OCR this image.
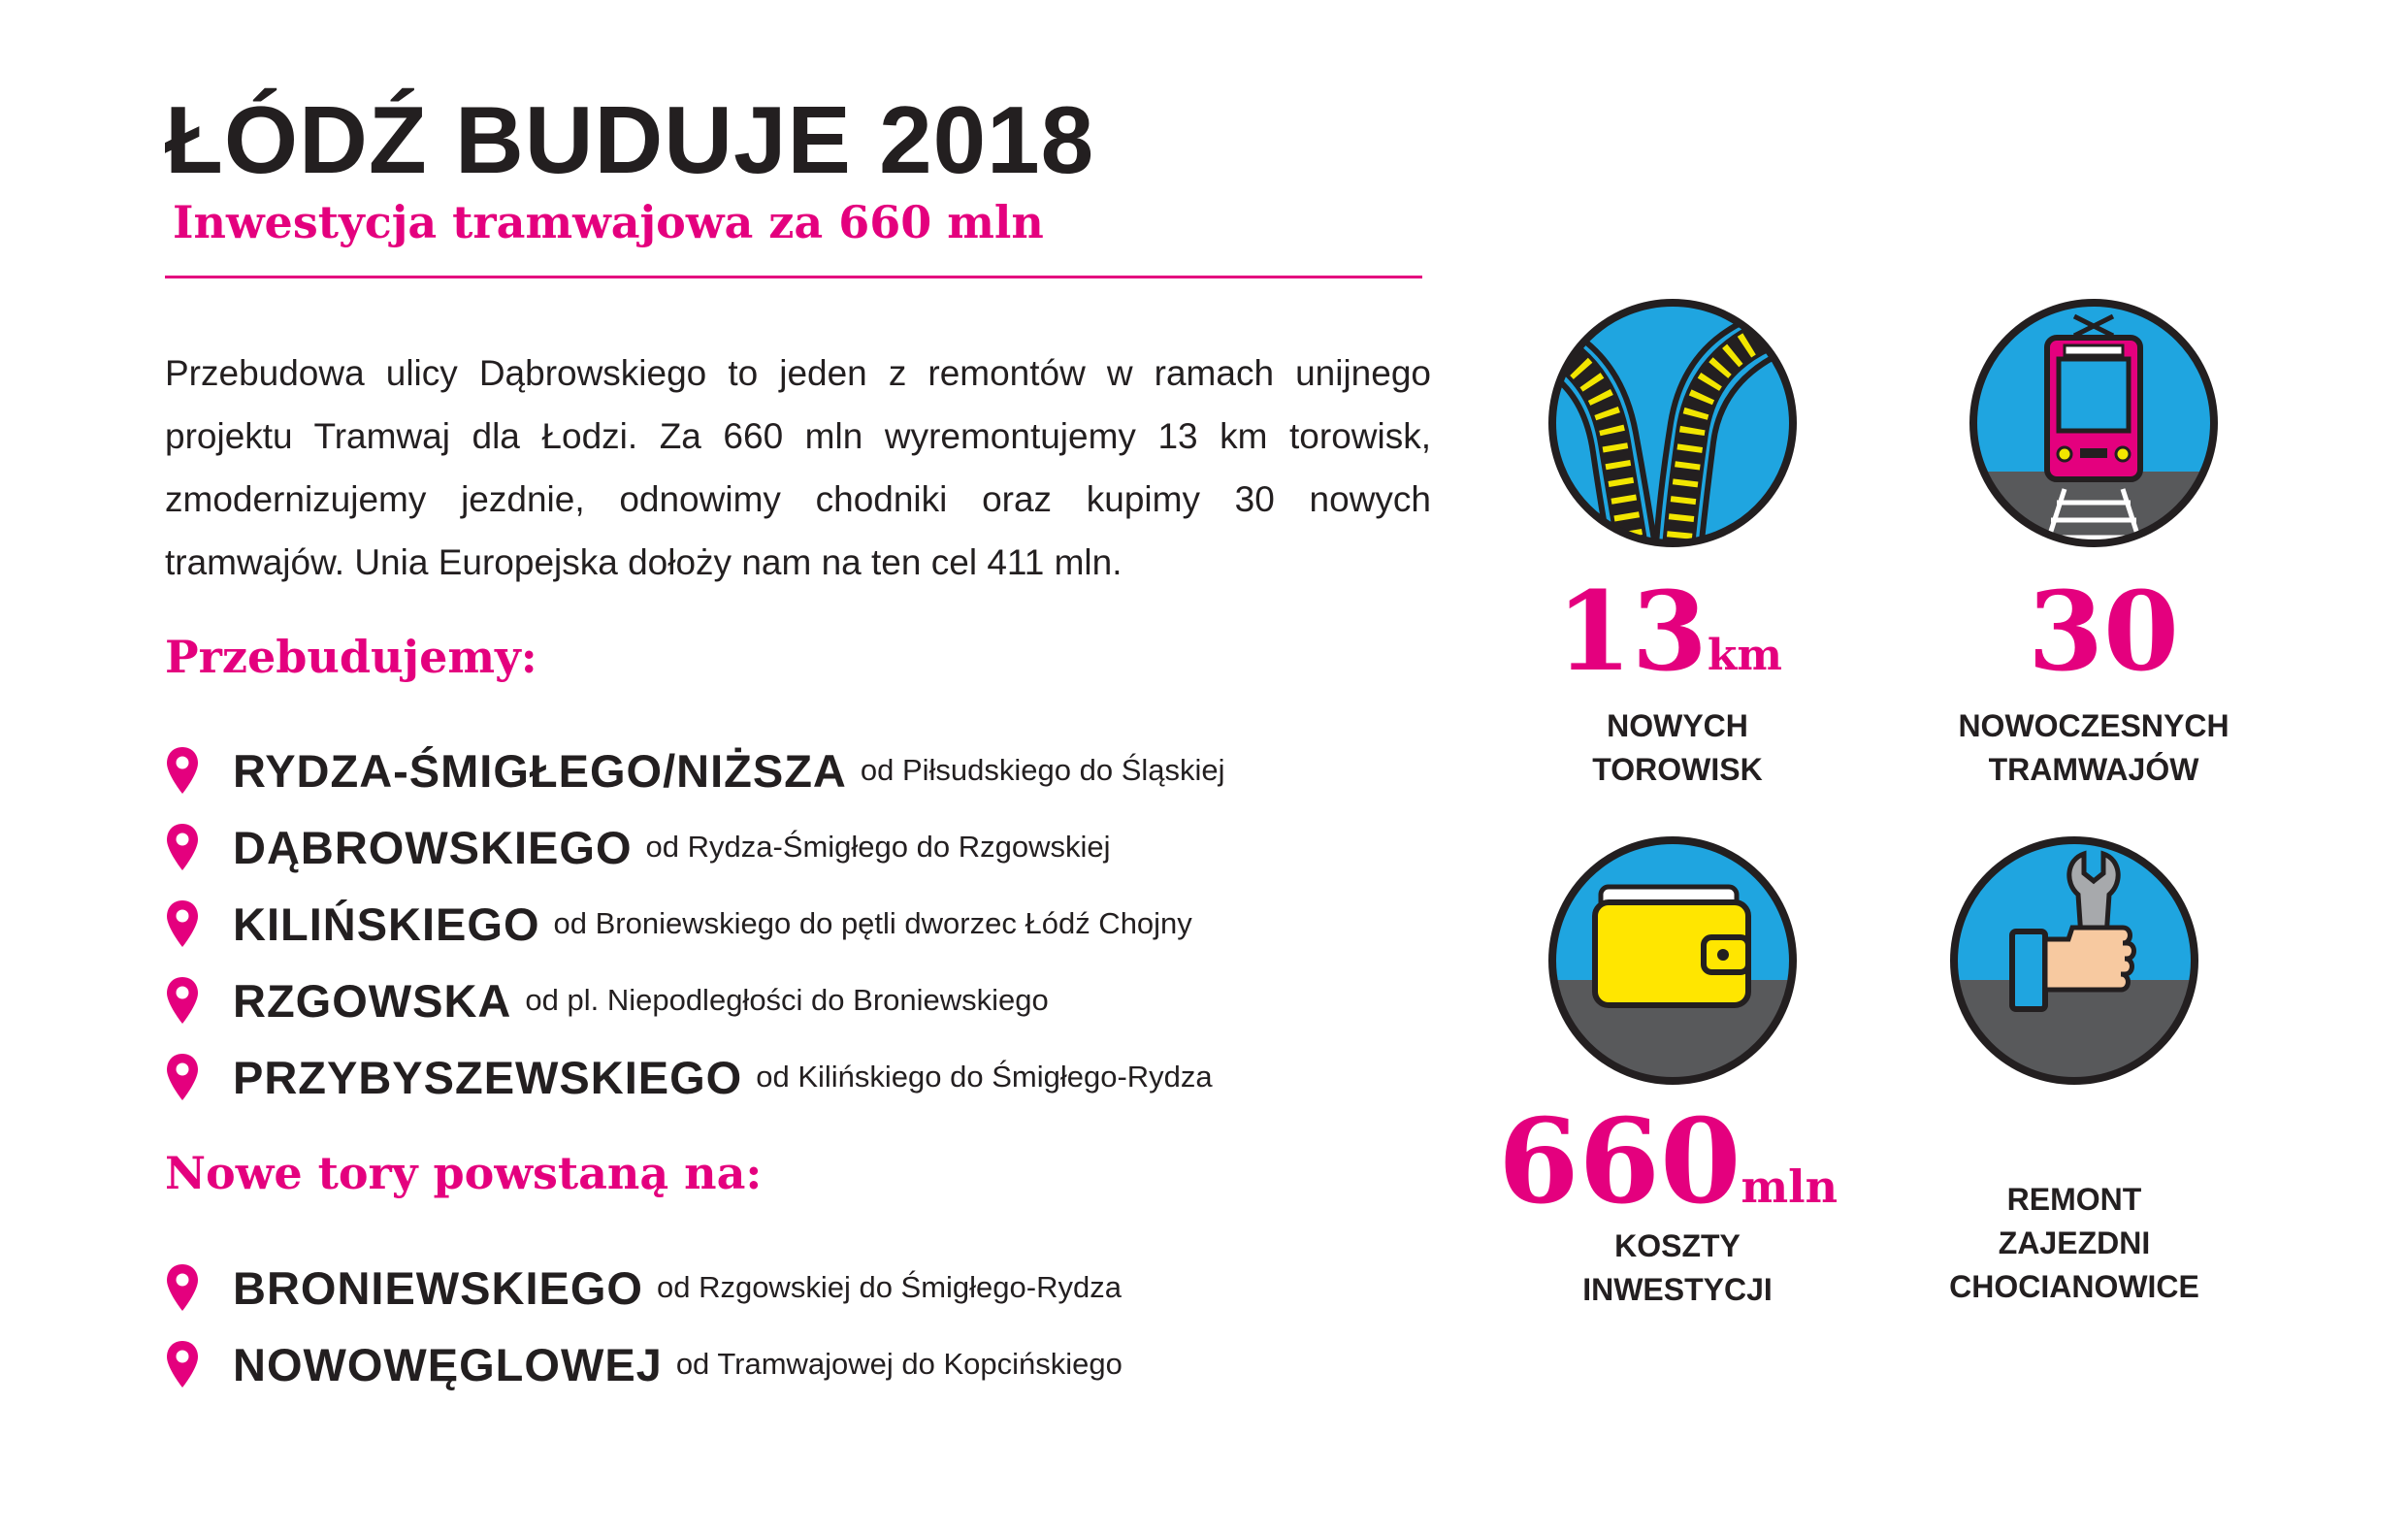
ŁÓDŹ BUDUJE 2018
Inwestycja tramwajowa za 660 mln
Przebudowa ulicy Dąbrowskiego to jeden z remontów w ramach unijnego projektu Tramwaj dla Łodzi. Za 660 mln wyremontujemy 13 km torowisk, zmodernizujemy jezdnie, odnowimy chodniki oraz kupimy 30 nowych tramwajów. Unia Europejska dołoży nam na ten cel 411 mln.
Przebudujemy:
RYDZA-ŚMIGŁEGO/NIŻSZA od Piłsudskiego do Śląskiej
DĄBROWSKIEGO od Rydza-Śmigłego do Rzgowskiej
KILIŃSKIEGO od Broniewskiego do pętli dworzec Łódź Chojny
RZGOWSKA od pl. Niepodległości do Broniewskiego
PRZYBYSZEWSKIEGO od Kilińskiego do Śmigłego-Rydza
Nowe tory powstaną na:
BRONIEWSKIEGO od Rzgowskiej do Śmigłego-Rydza
NOWOWĘGLOWEJ od Tramwajowej do Kopcińskiego
13km
NOWYCH
TOROWISK
30
NOWOCZESNYCH
TRAMWAJÓW
660mln
KOSZTY
INWESTYCJI
REMONT
ZAJEZDNI
CHOCIANOWICE
